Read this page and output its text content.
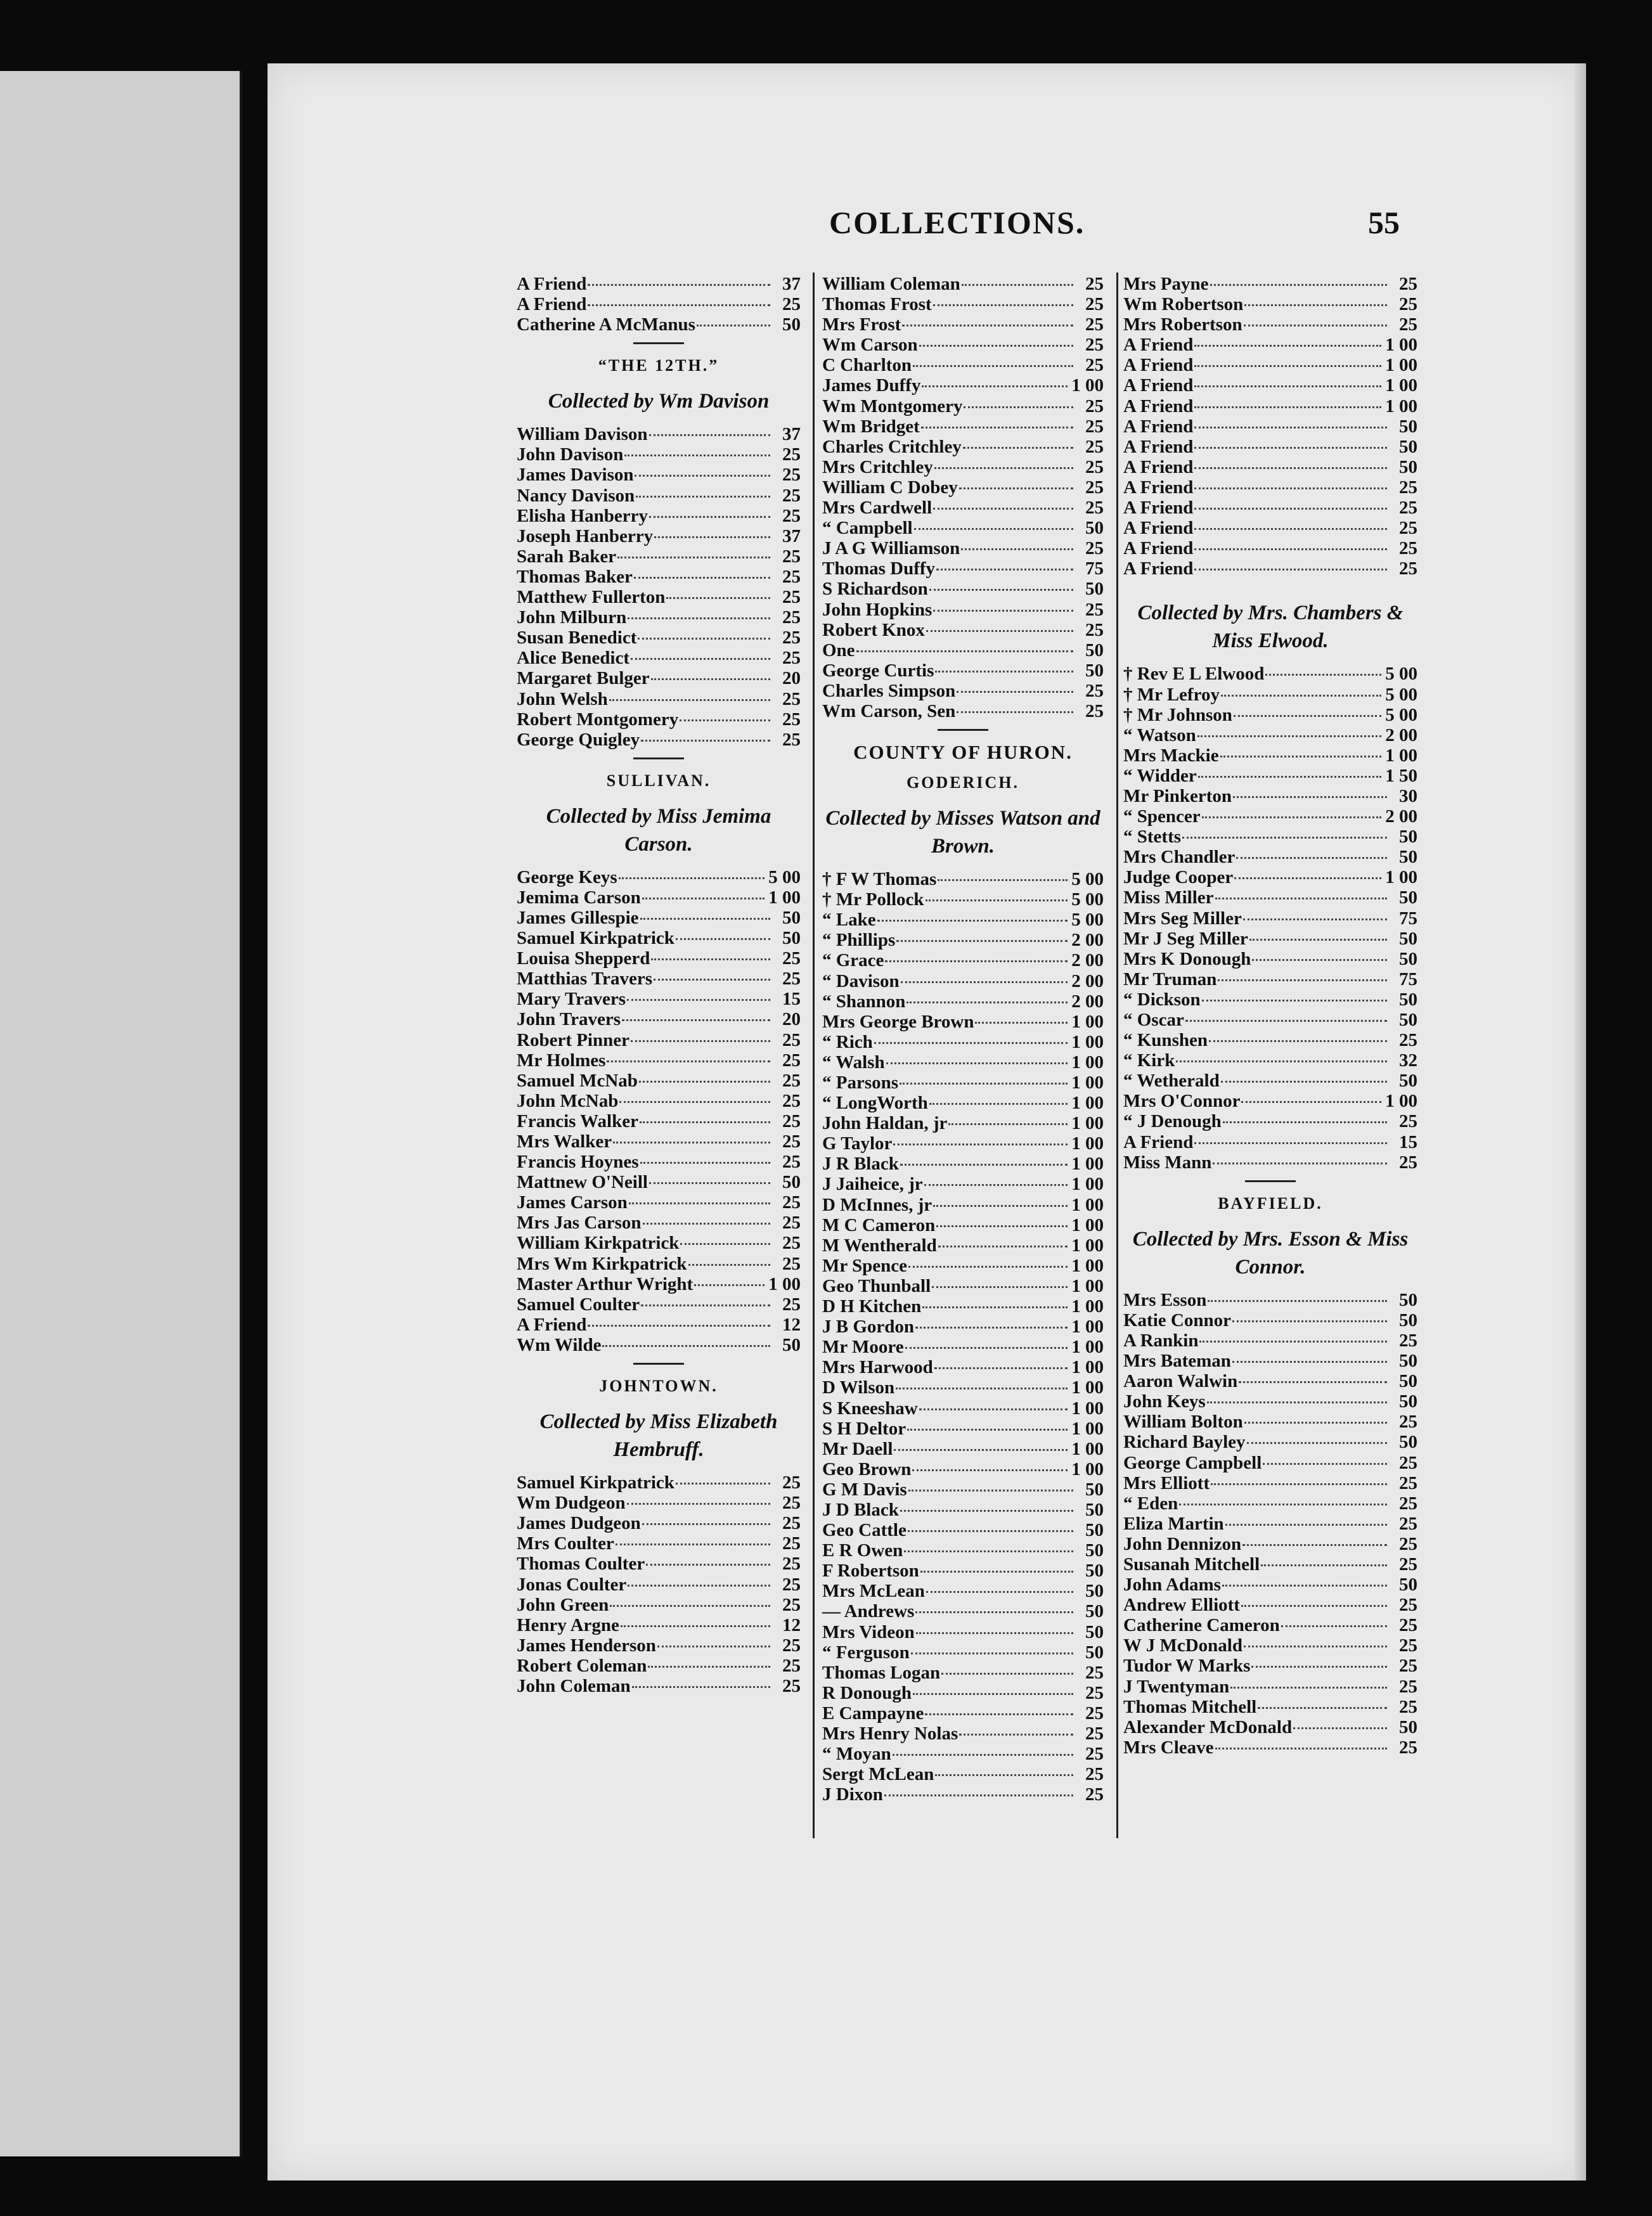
COLLECTIONS.	55
A Friend	37
A Friend	25
Catherine A McManus	50
“THE 12TH.”
Collected by Wm Davison
William Davison	37
John Davison	25
James Davison	25
Nancy Davison	25
Elisha Hanberry	25
Joseph Hanberry	37
Sarah Baker	25
Thomas Baker	25
Matthew Fullerton	25
John Milburn	25
Susan Benedict	25
Alice Benedict	25
Margaret Bulger	20
John Welsh	25
Robert Montgomery	25
George Quigley	25
SULLIVAN.
Collected by Miss Jemima Carson.
George Keys	5 00
Jemima Carson	1 00
James Gillespie	50
Samuel Kirkpatrick	50
Louisa Shepperd	25
Matthias Travers	25
Mary Travers	15
John Travers	20
Robert Pinner	25
Mr Holmes	25
Samuel McNab	25
John McNab	25
Francis Walker	25
Mrs Walker	25
Francis Hoynes	25
Mattnew O'Neill	50
James Carson	25
Mrs Jas Carson	25
William Kirkpatrick	25
Mrs Wm Kirkpatrick	25
Master Arthur Wright	1 00
Samuel Coulter	25
A Friend	12
Wm Wilde	50
JOHNTOWN.
Collected by Miss Elizabeth Hembruff.
Samuel Kirkpatrick	25
Wm Dudgeon	25
James Dudgeon	25
Mrs Coulter	25
Thomas Coulter	25
Jonas Coulter	25
John Green	25
Henry Argne	12
James Henderson	25
Robert Coleman	25
John Coleman	25
William Coleman	25
Thomas Frost	25
Mrs Frost	25
Wm Carson	25
C Charlton	25
James Duffy	1 00
Wm Montgomery	25
Wm Bridget	25
Charles Critchley	25
Mrs Critchley	25
William C Dobey	25
Mrs Cardwell	25
“ Campbell	50
J A G Williamson	25
Thomas Duffy	75
S Richardson	50
John Hopkins	25
Robert Knox	25
One	50
George Curtis	50
Charles Simpson	25
Wm Carson, Sen	25
COUNTY OF HURON.
GODERICH.
Collected by Misses Watson and Brown.
† F W Thomas	5 00
† Mr Pollock	5 00
“ Lake	5 00
“ Phillips	2 00
“ Grace	2 00
“ Davison	2 00
“ Shannon	2 00
Mrs George Brown	1 00
“ Rich	1 00
“ Walsh	1 00
“ Parsons	1 00
“ LongWorth	1 00
John Haldan, jr	1 00
G Taylor	1 00
J R Black	1 00
J Jaiheice, jr	1 00
D McInnes, jr	1 00
M C Cameron	1 00
M Wentherald	1 00
Mr Spence	1 00
Geo Thunball	1 00
D H Kitchen	1 00
J B Gordon	1 00
Mr Moore	1 00
Mrs Harwood	1 00
D Wilson	1 00
S Kneeshaw	1 00
S H Deltor	1 00
Mr Daell	1 00
Geo Brown	1 00
G M Davis	50
J D Black	50
Geo Cattle	50
E R Owen	50
F Robertson	50
Mrs McLean	50
— Andrews	50
Mrs Videon	50
“ Ferguson	50
Thomas Logan	25
R Donough	25
E Campayne	25
Mrs Henry Nolas	25
“ Moyan	25
Sergt McLean	25
J Dixon	25
Mrs Payne	25
Wm Robertson	25
Mrs Robertson	25
A Friend	1 00
A Friend	1 00
A Friend	1 00
A Friend	1 00
A Friend	50
A Friend	50
A Friend	50
A Friend	25
A Friend	25
A Friend	25
A Friend	25
A Friend	25
Collected by Mrs. Chambers & Miss Elwood.
† Rev E L Elwood	5 00
† Mr Lefroy	5 00
† Mr Johnson	5 00
“ Watson	2 00
Mrs Mackie	1 00
“ Widder	1 50
Mr Pinkerton	30
“ Spencer	2 00
“ Stetts	50
Mrs Chandler	50
Judge Cooper	1 00
Miss Miller	50
Mrs Seg Miller	75
Mr J Seg Miller	50
Mrs K Donough	50
Mr Truman	75
“ Dickson	50
“ Oscar	50
“ Kunshen	25
“ Kirk	32
“ Wetherald	50
Mrs O'Connor	1 00
“ J Denough	25
A Friend	15
Miss Mann	25
BAYFIELD.
Collected by Mrs. Esson & Miss Connor.
Mrs Esson	50
Katie Connor	50
A Rankin	25
Mrs Bateman	50
Aaron Walwin	50
John Keys	50
William Bolton	25
Richard Bayley	50
George Campbell	25
Mrs Elliott	25
“ Eden	25
Eliza Martin	25
John Dennizon	25
Susanah Mitchell	25
John Adams	50
Andrew Elliott	25
Catherine Cameron	25
W J McDonald	25
Tudor W Marks	25
J Twentyman	25
Thomas Mitchell	25
Alexander McDonald	50
Mrs Cleave	25
